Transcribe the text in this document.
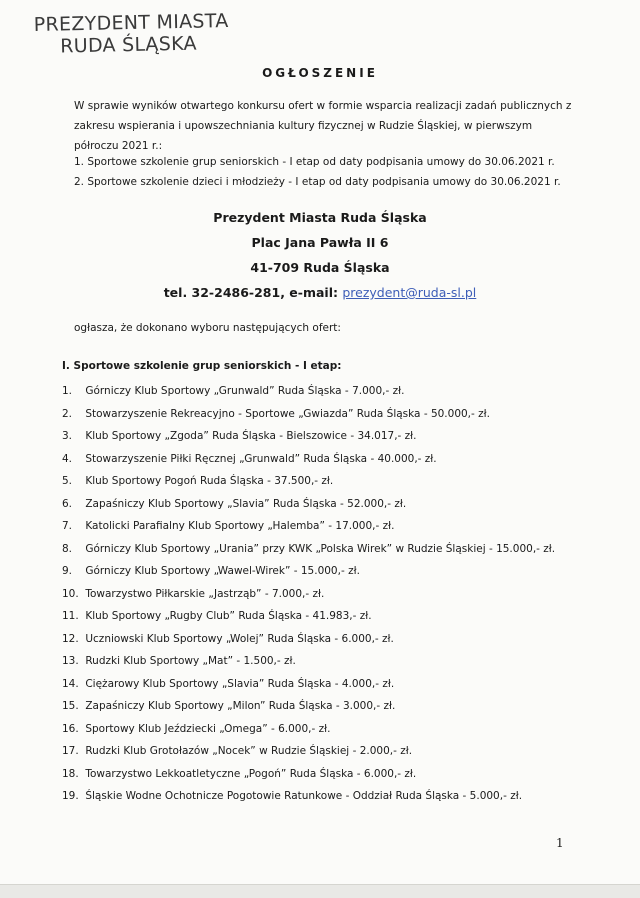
PREZYDENT MIASTA
RUDA ŚLĄSKA
OGŁOSZENIE

W sprawie wyników otwartego konkursu ofert w formie wsparcia realizacji zadań publicznych z zakresu wspierania i upowszechniania kultury fizycznej w Rudzie Śląskiej, w pierwszym półroczu 2021 r.:

1. Sportowe szkolenie grup seniorskich - I etap od daty podpisania umowy do 30.06.2021 r.
2. Sportowe szkolenie dzieci i młodzieży - I etap od daty podpisania umowy do 30.06.2021 r.
Prezydent Miasta Ruda Śląska
Plac Jana Pawła II 6
41-709 Ruda Śląska
tel. 32-2486-281, e-mail: prezydent@ruda-sl.pl
ogłasza, że dokonano wyboru następujących ofert:
I. Sportowe szkolenie grup seniorskich - I etap:
1. Górniczy Klub Sportowy „Grunwald” Ruda Śląska - 7.000,- zł.
2. Stowarzyszenie Rekreacyjno - Sportowe „Gwiazda” Ruda Śląska - 50.000,- zł.
3. Klub Sportowy „Zgoda” Ruda Śląska - Bielszowice - 34.017,- zł.
4. Stowarzyszenie Piłki Ręcznej „Grunwald” Ruda Śląska - 40.000,- zł.
5. Klub Sportowy Pogoń Ruda Śląska - 37.500,- zł.
6. Zapaśniczy Klub Sportowy „Slavia” Ruda Śląska - 52.000,- zł.
7. Katolicki Parafialny Klub Sportowy „Halemba” - 17.000,- zł.
8. Górniczy Klub Sportowy „Urania” przy KWK „Polska Wirek” w Rudzie Śląskiej - 15.000,- zł.
9. Górniczy Klub Sportowy „Wawel-Wirek” - 15.000,- zł.
10. Towarzystwo Piłkarskie „Jastrząb” - 7.000,- zł.
11. Klub Sportowy „Rugby Club” Ruda Śląska - 41.983,- zł.
12. Uczniowski Klub Sportowy „Wolej” Ruda Śląska - 6.000,- zł.
13. Rudzki Klub Sportowy „Mat” - 1.500,- zł.
14. Ciężarowy Klub Sportowy „Slavia” Ruda Śląska - 4.000,- zł.
15. Zapaśniczy Klub Sportowy „Milon” Ruda Śląska - 3.000,- zł.
16. Sportowy Klub Jeździecki „Omega” - 6.000,- zł.
17. Rudzki Klub Grotołazów „Nocek” w Rudzie Śląskiej - 2.000,- zł.
18. Towarzystwo Lekkoatletyczne „Pogoń” Ruda Śląska - 6.000,- zł.
19. Śląskie Wodne Ochotnicze Pogotowie Ratunkowe - Oddział Ruda Śląska - 5.000,- zł.
1
